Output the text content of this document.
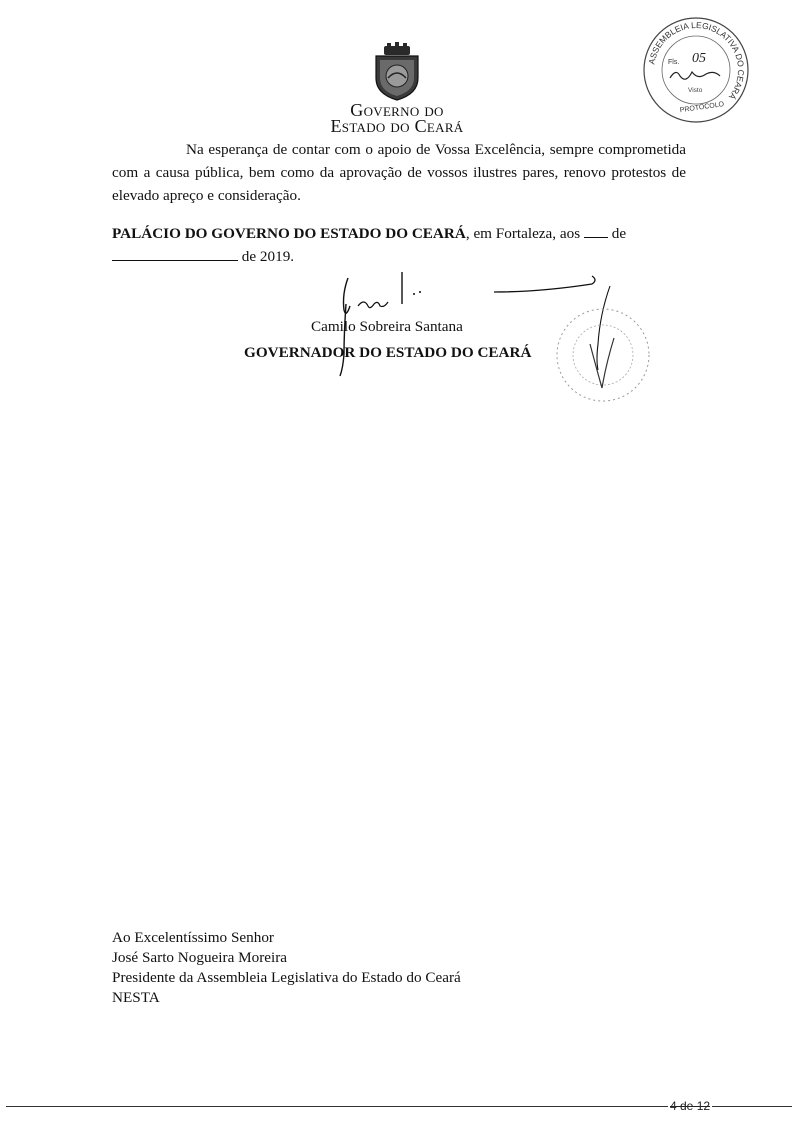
Governo do
Estado do Ceará
ASSEMBLEIA LEGISLATIVA DO CEARÁ
Fls. 05
Visto
PROTOCOLO
Na esperança de contar com o apoio de Vossa Excelência, sempre comprometida com a causa pública, bem como da aprovação de vossos ilustres pares, renovo protestos de elevado apreço e consideração.
PALÁCIO DO GOVERNO DO ESTADO DO CEARÁ, em Fortaleza, aos de
de 2019.
Camilo Sobreira Santana
GOVERNADOR DO ESTADO DO CEARÁ
Ao Excelentíssimo Senhor
José Sarto Nogueira Moreira
Presidente da Assembleia Legislativa do Estado do Ceará
NESTA
4 de 12
